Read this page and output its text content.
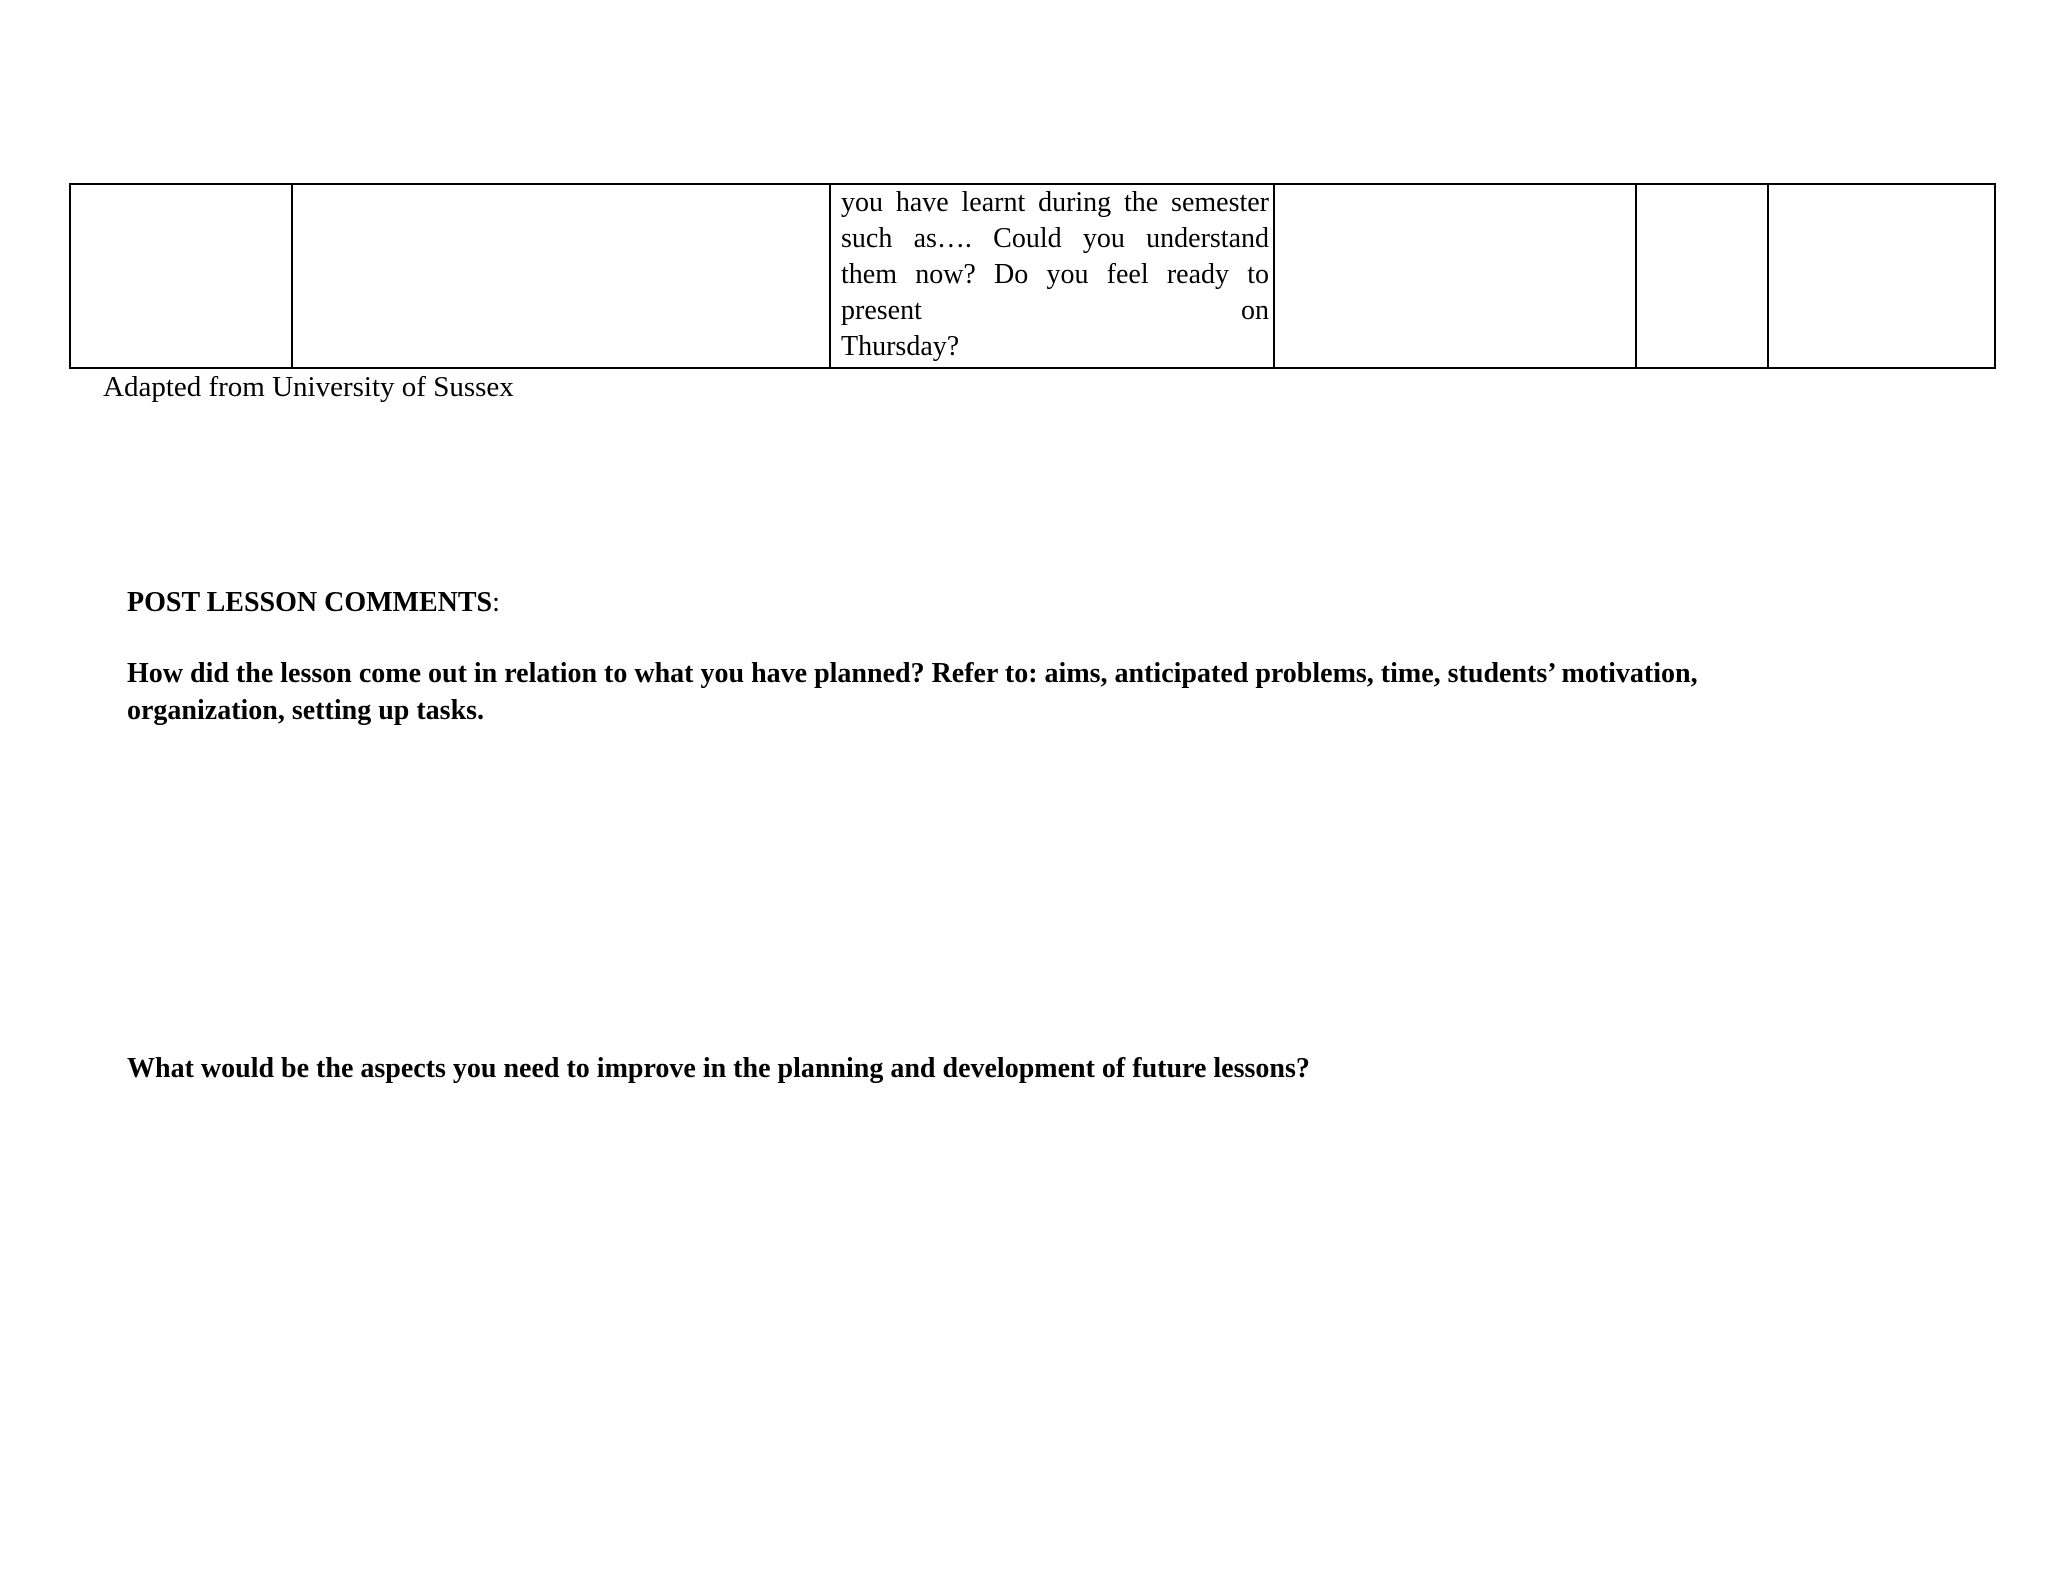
you have learnt during the semester such as…. Could you understand them now? Do you feel ready to present on
Thursday?

Adapted from University of Sussex

POST LESSON COMMENTS:

How did the lesson come out in relation to what you have planned? Refer to: aims, anticipated problems, time, students’ motivation, organization, setting up tasks.

What would be the aspects you need to improve in the planning and development of future lessons?
